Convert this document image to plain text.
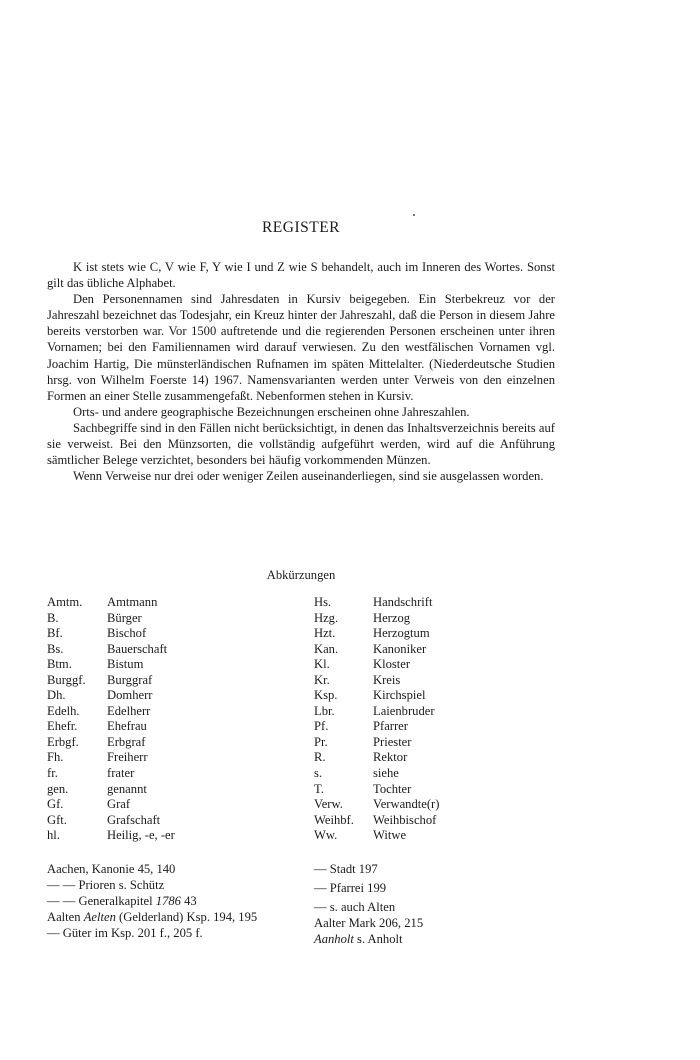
REGISTER

K ist stets wie C, V wie F, Y wie I und Z wie S behandelt, auch im Inneren des Wortes. Sonst gilt das übliche Alphabet.

Den Personennamen sind Jahresdaten in Kursiv beigegeben. Ein Sterbekreuz vor der Jahreszahl bezeichnet das Todesjahr, ein Kreuz hinter der Jahreszahl, daß die Person in diesem Jahre bereits verstorben war. Vor 1500 auftretende und die regierenden Personen erscheinen unter ihren Vornamen; bei den Familiennamen wird darauf verwiesen. Zu den westfälischen Vornamen vgl. Joachim Hartig, Die münsterländischen Rufnamen im späten Mittelalter. (Niederdeutsche Studien hrsg. von Wilhelm Foerste 14) 1967. Namensvarianten werden unter Verweis von den einzelnen Formen an einer Stelle zusammengefaßt. Nebenformen stehen in Kursiv.

Orts- und andere geographische Bezeichnungen erscheinen ohne Jahreszahlen.

Sachbegriffe sind in den Fällen nicht berücksichtigt, in denen das Inhaltsverzeichnis bereits auf sie verweist. Bei den Münzsorten, die vollständig aufgeführt werden, wird auf die Anführung sämtlicher Belege verzichtet, besonders bei häufig vorkommenden Münzen.

Wenn Verweise nur drei oder weniger Zeilen auseinanderliegen, sind sie ausgelassen worden.

Abkürzungen
Amtm.	Amtmann
B.	Bürger
Bf.	Bischof
Bs.	Bauerschaft
Btm.	Bistum
Burggf.	Burggraf
Dh.	Domherr
Edelh.	Edelherr
Ehefr.	Ehefrau
Erbgf.	Erbgraf
Fh.	Freiherr
fr.	frater
gen.	genannt
Gf.	Graf
Gft.	Grafschaft
hl.	Heilig, -e, -er
Hs.	Handschrift
Hzg.	Herzog
Hzt.	Herzogtum
Kan.	Kanoniker
Kl.	Kloster
Kr.	Kreis
Ksp.	Kirchspiel
Lbr.	Laienbruder
Pf.	Pfarrer
Pr.	Priester
R.	Rektor
s.	siehe
T.	Tochter
Verw.	Verwandte(r)
Weihbf.	Weihbischof
Ww.	Witwe

Aachen, Kanonie 45, 140

— — Prioren s. Schütz

— — Generalkapitel 1786 43

Aalten Aelten (Gelderland) Ksp. 194, 195

— Güter im Ksp. 201 f., 205 f.

— Stadt 197

— Pfarrei 199

— s. auch Alten

Aalter Mark 206, 215

Aanholt s. Anholt
